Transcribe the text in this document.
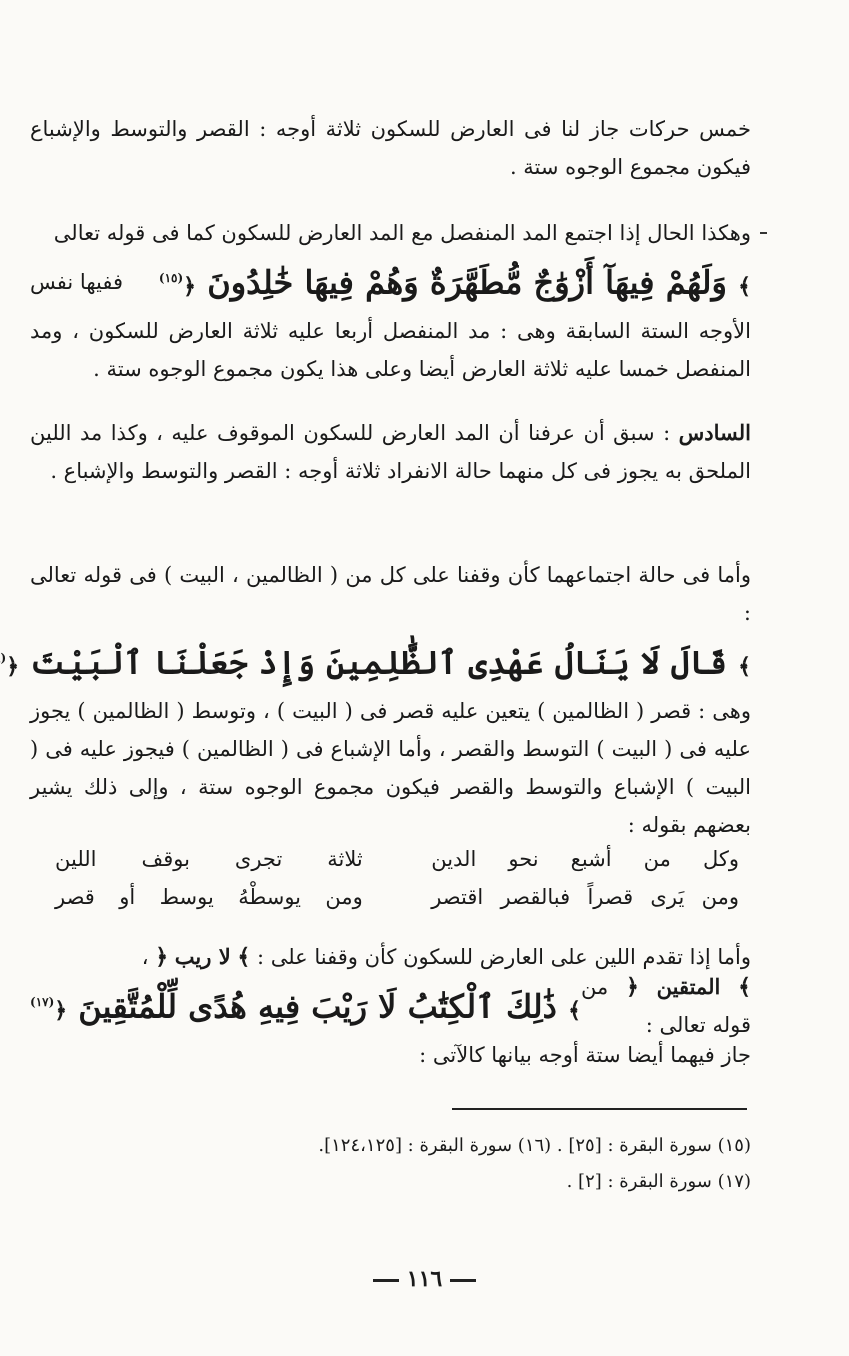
خمس حركات جاز لنا فى العارض للسكون ثلاثة أوجه : القصر والتوسط والإشباع فيكون مجموع الوجوه ستة .

وهكذا الحال إذا اجتمع المد المنفصل مع المد العارض للسكون كما فى قوله تعالى

﴾ وَلَهُمْ فِيهَآ أَزْوَٰجٌ مُّطَهَّرَةٌ وَهُمْ فِيهَا خَٰلِدُونَ ﴿$^{(١٥)}$
ففيها نفس

الأوجه الستة السابقة وهى : مد المنفصل أربعا عليه ثلاثة العارض للسكون ، ومد المنفصل خمسا عليه ثلاثة العارض أيضا وعلى هذا يكون مجموع الوجوه ستة .

السادس : سبق أن عرفنا أن المد العارض للسكون الموقوف عليه ، وكذا مد اللين الملحق به يجوز فى كل منهما حالة الانفراد ثلاثة أوجه : القصر والتوسط والإشباع .

وأما فى حالة اجتماعهما كأن وقفنا على كل من ( الظالمين ، البيت ) فى قوله تعالى :

﴾ قَالَ لَا يَنَالُ عَهْدِى ٱلظَّٰلِمِينَ وَإِذْ جَعَلْنَا ٱلْبَيْتَ ﴿(

وهى : قصر ( الظالمين ) يتعين عليه قصر فى ( البيت ) ، وتوسط ( الظالمين ) يجوز عليه فى ( البيت ) التوسط والقصر ، وأما الإشباع فى ( الظالمين ) فيجوز عليه فى ( البيت ) الإشباع والتوسط والقصر فيكون مجموع الوجوه ستة ، وإلى ذلك يشير بعضهم بقوله :

وكل من أشبع نحو الدين
ثلاثة تجرى بوقف اللين
ومن يَرى قصراً فبالقصر اقتصر
ومن يوسطْهُ يوسط أو قصر

وأما إذا تقدم اللين على العارض للسكون كأن وقفنا على : ﴾ لا ريب ﴿ ،

﴾ المتقين ﴿ من قوله تعالى :
﴾ ذَٰلِكَ ٱلْكِتَٰبُ لَا رَيْبَ فِيهِ هُدًى لِّلْمُتَّقِينَ ﴿$^{(١٧)}$

جاز فيهما أيضا ستة أوجه بيانها كالآتى :

(١٥) سورة البقرة : [٢٥] . (١٦) سورة البقرة : [١٢٤،١٢٥].
(١٧) سورة البقرة : [٢] .
١١٦
